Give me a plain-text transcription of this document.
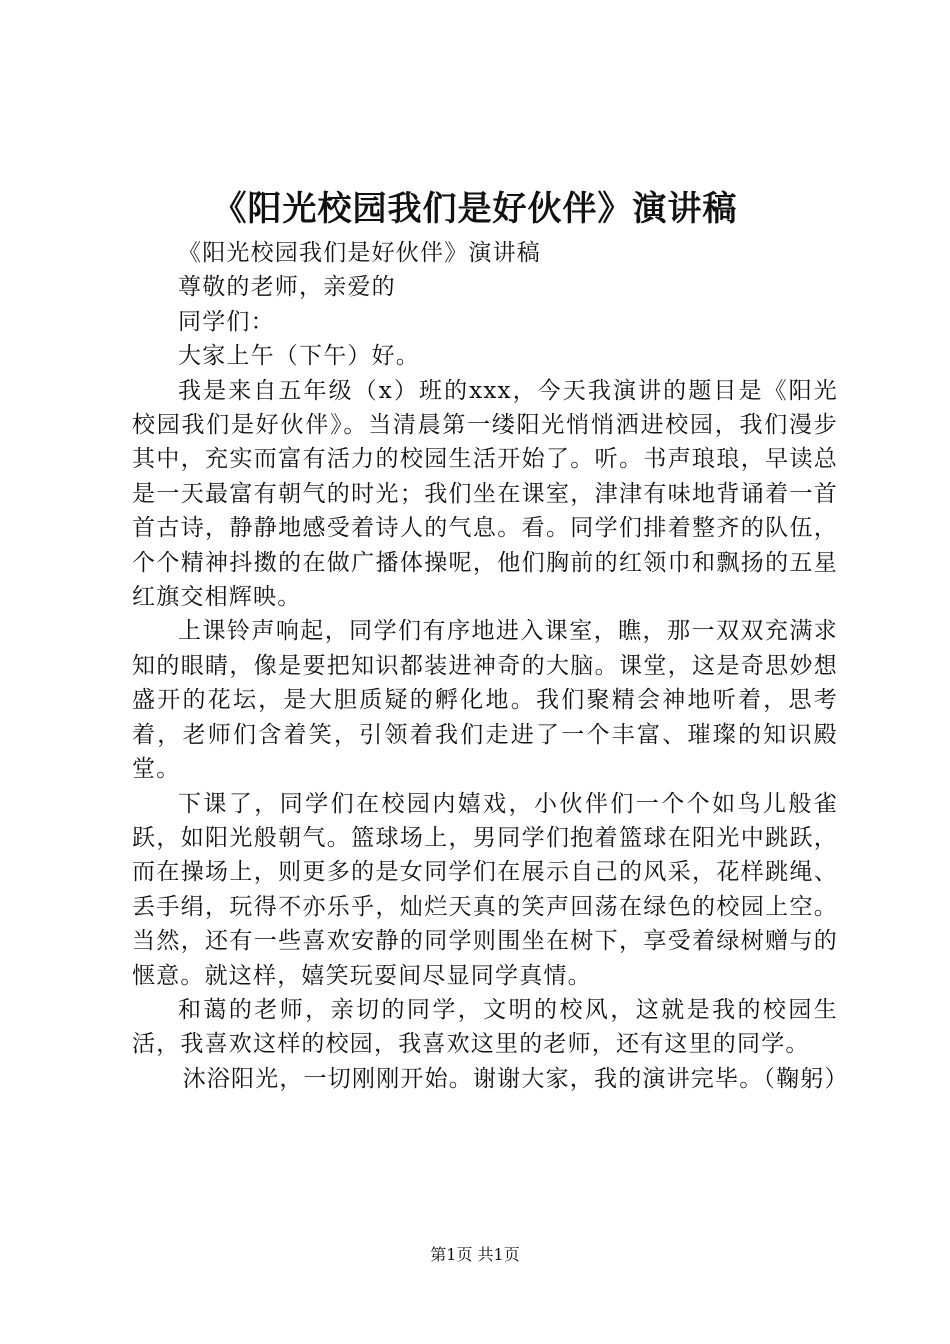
《阳光校园我们是好伙伴》演讲稿

《阳光校园我们是好伙伴》演讲稿

尊敬的老师，亲爱的

同学们：

大家上午（下午）好。

我是来自五年级（x）班的xxx，今天我演讲的题目是《阳光校园我们是好伙伴》。当清晨第一缕阳光悄悄洒进校园，我们漫步其中，充实而富有活力的校园生活开始了。听。书声琅琅，早读总是一天最富有朝气的时光；我们坐在课室，津津有味地背诵着一首首古诗，静静地感受着诗人的气息。看。同学们排着整齐的队伍，个个精神抖擞的在做广播体操呢，他们胸前的红领巾和飘扬的五星红旗交相辉映。

上课铃声响起，同学们有序地进入课室，瞧，那一双双充满求知的眼睛，像是要把知识都装进神奇的大脑。课堂，这是奇思妙想盛开的花坛，是大胆质疑的孵化地。我们聚精会神地听着，思考着，老师们含着笑，引领着我们走进了一个丰富、璀璨的知识殿堂。

下课了，同学们在校园内嬉戏，小伙伴们一个个如鸟儿般雀跃，如阳光般朝气。篮球场上，男同学们抱着篮球在阳光中跳跃，而在操场上，则更多的是女同学们在展示自己的风采，花样跳绳、丢手绢，玩得不亦乐乎，灿烂天真的笑声回荡在绿色的校园上空。当然，还有一些喜欢安静的同学则围坐在树下，享受着绿树赠与的惬意。就这样，嬉笑玩耍间尽显同学真情。

和蔼的老师，亲切的同学，文明的校风，这就是我的校园生活，我喜欢这样的校园，我喜欢这里的老师，还有这里的同学。

沐浴阳光，一切刚刚开始。谢谢大家，我的演讲完毕。（鞠躬）

第1页 共1页
